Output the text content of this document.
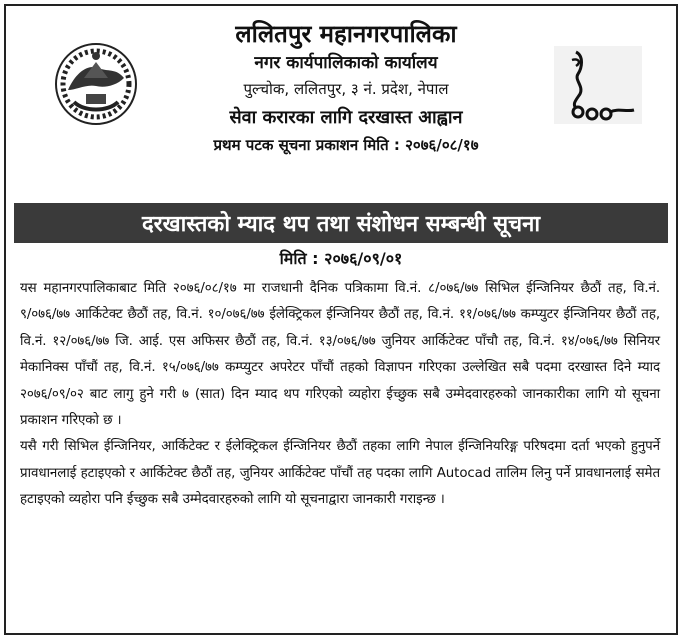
ललितपुर महानगरपालिका
नगर कार्यपालिकाको कार्यालय
पुल्चोक, ललितपुर, ३ नं. प्रदेश, नेपाल
सेवा करारका लागि दरखास्त आह्वान
प्रथम पटक सूचना प्रकाशन मिति : २०७६/०८/१७
दरखास्तको म्याद थप तथा संशोधन सम्बन्धी सूचना
मिति : २०७६/०९/०१

यस महानगरपालिकाबाट मिति २०७६/०८/१७ मा राजधानी दैनिक पत्रिकामा वि.नं. ८/०७६/७७ सिभिल ईन्जिनियर छैठौं तह, वि.नं. ९/०७६/७७ आर्किटेक्ट छैठौं तह, वि.नं. १०/०७६/७७ ईलेक्ट्रिकल ईन्जिनियर छैठौं तह, वि.नं. ११/०७६/७७ कम्प्युटर ईन्जिनियर छैठौं तह, वि.नं. १२/०७६/७७ जि. आई. एस अफिसर छैठौं तह, वि.नं. १३/०७६/७७ जुनियर आर्किटेक्ट पाँचौ तह, वि.नं. १४/०७६/७७ सिनियर मेकानिक्स पाँचौं तह, वि.नं. १५/०७६/७७ कम्प्युटर अपरेटर पाँचौं तहको विज्ञापन गरिएका उल्लेखित सबै पदमा दरखास्त दिने म्याद २०७६/०९/०२ बाट लागु हुने गरी ७ (सात) दिन म्याद थप गरिएको व्यहोरा ईच्छुक सबै उम्मेदवारहरुको जानकारीका लागि यो सूचना प्रकाशन गरिएको छ ।

यसै गरी सिभिल ईन्जिनियर, आर्किटेक्ट र ईलेक्ट्रिकल ईन्जिनियर छैठौं तहका लागि नेपाल ईन्जिनियरिङ्ग परिषदमा दर्ता भएको हुनुपर्ने प्रावधानलाई हटाइएको र आर्किटेक्ट छैठौं तह, जुनियर आर्किटेक्ट पाँचौं तह पदका लागि Autocad तालिम लिनु पर्ने प्रावधानलाई समेत हटाइएको व्यहोरा पनि ईच्छुक सबै उम्मेदवारहरुको लागि यो सूचनाद्वारा जानकारी गराइन्छ ।
